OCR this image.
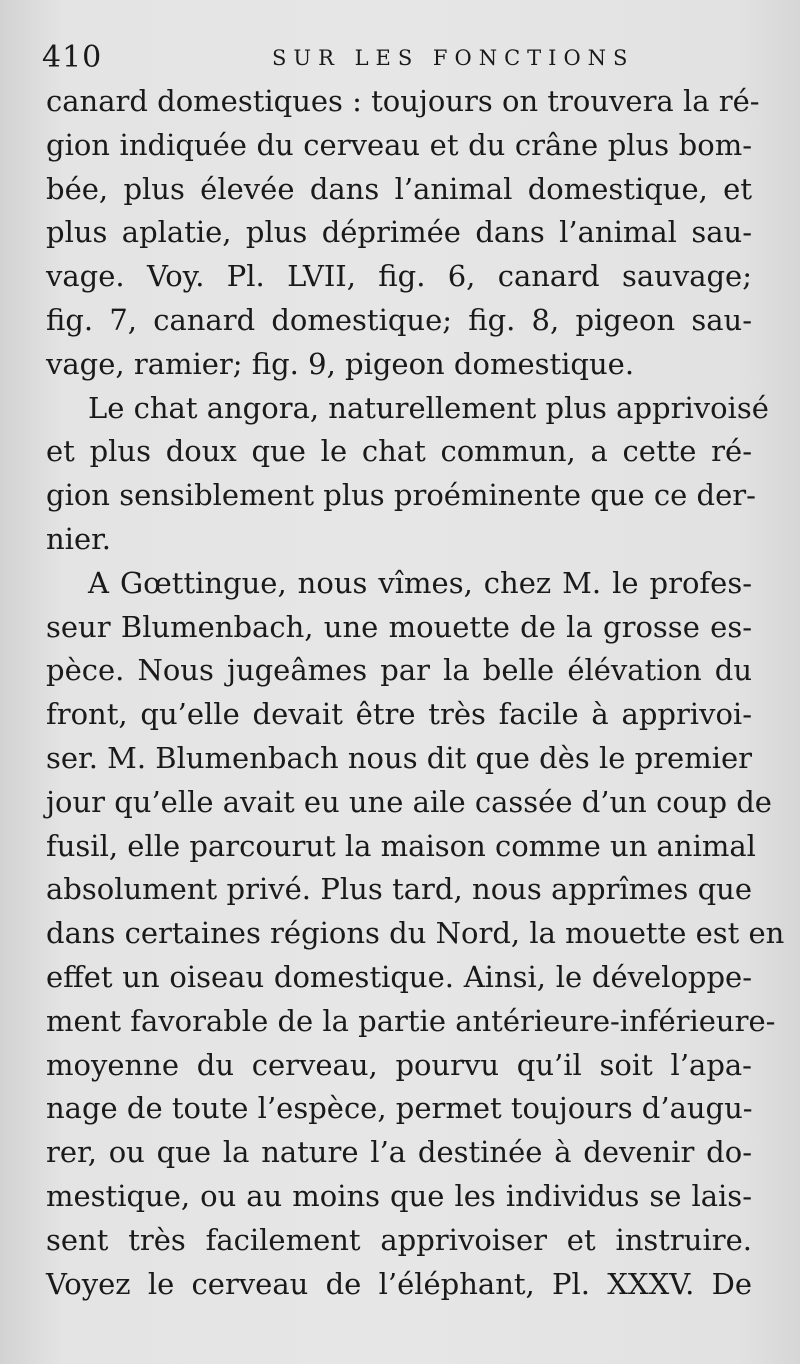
410	SUR LES FONCTIONS
canard domestiques : toujours on trouvera la ré-
gion indiquée du cerveau et du crâne plus bom-
bée, plus élevée dans l’animal domestique, et
plus aplatie, plus déprimée dans l’animal sau-
vage. Voy. Pl. LVII, fig. 6, canard sauvage;
fig. 7, canard domestique; fig. 8, pigeon sau-
vage, ramier; fig. 9, pigeon domestique.
Le chat angora, naturellement plus apprivoisé
et plus doux que le chat commun, a cette ré-
gion sensiblement plus proéminente que ce der-
nier.
A Gœttingue, nous vîmes, chez M. le profes-
seur Blumenbach, une mouette de la grosse es-
pèce. Nous jugeâmes par la belle élévation du
front, qu’elle devait être très facile à apprivoi-
ser. M. Blumenbach nous dit que dès le premier
jour qu’elle avait eu une aile cassée d’un coup de
fusil, elle parcourut la maison comme un animal
absolument privé. Plus tard, nous apprîmes que
dans certaines régions du Nord, la mouette est en
effet un oiseau domestique. Ainsi, le développe-
ment favorable de la partie antérieure-inférieure-
moyenne du cerveau, pourvu qu’il soit l’apa-
nage de toute l’espèce, permet toujours d’augu-
rer, ou que la nature l’a destinée à devenir do-
mestique, ou au moins que les individus se lais-
sent très facilement apprivoiser et instruire.
Voyez le cerveau de l’éléphant, Pl. XXXV. De
